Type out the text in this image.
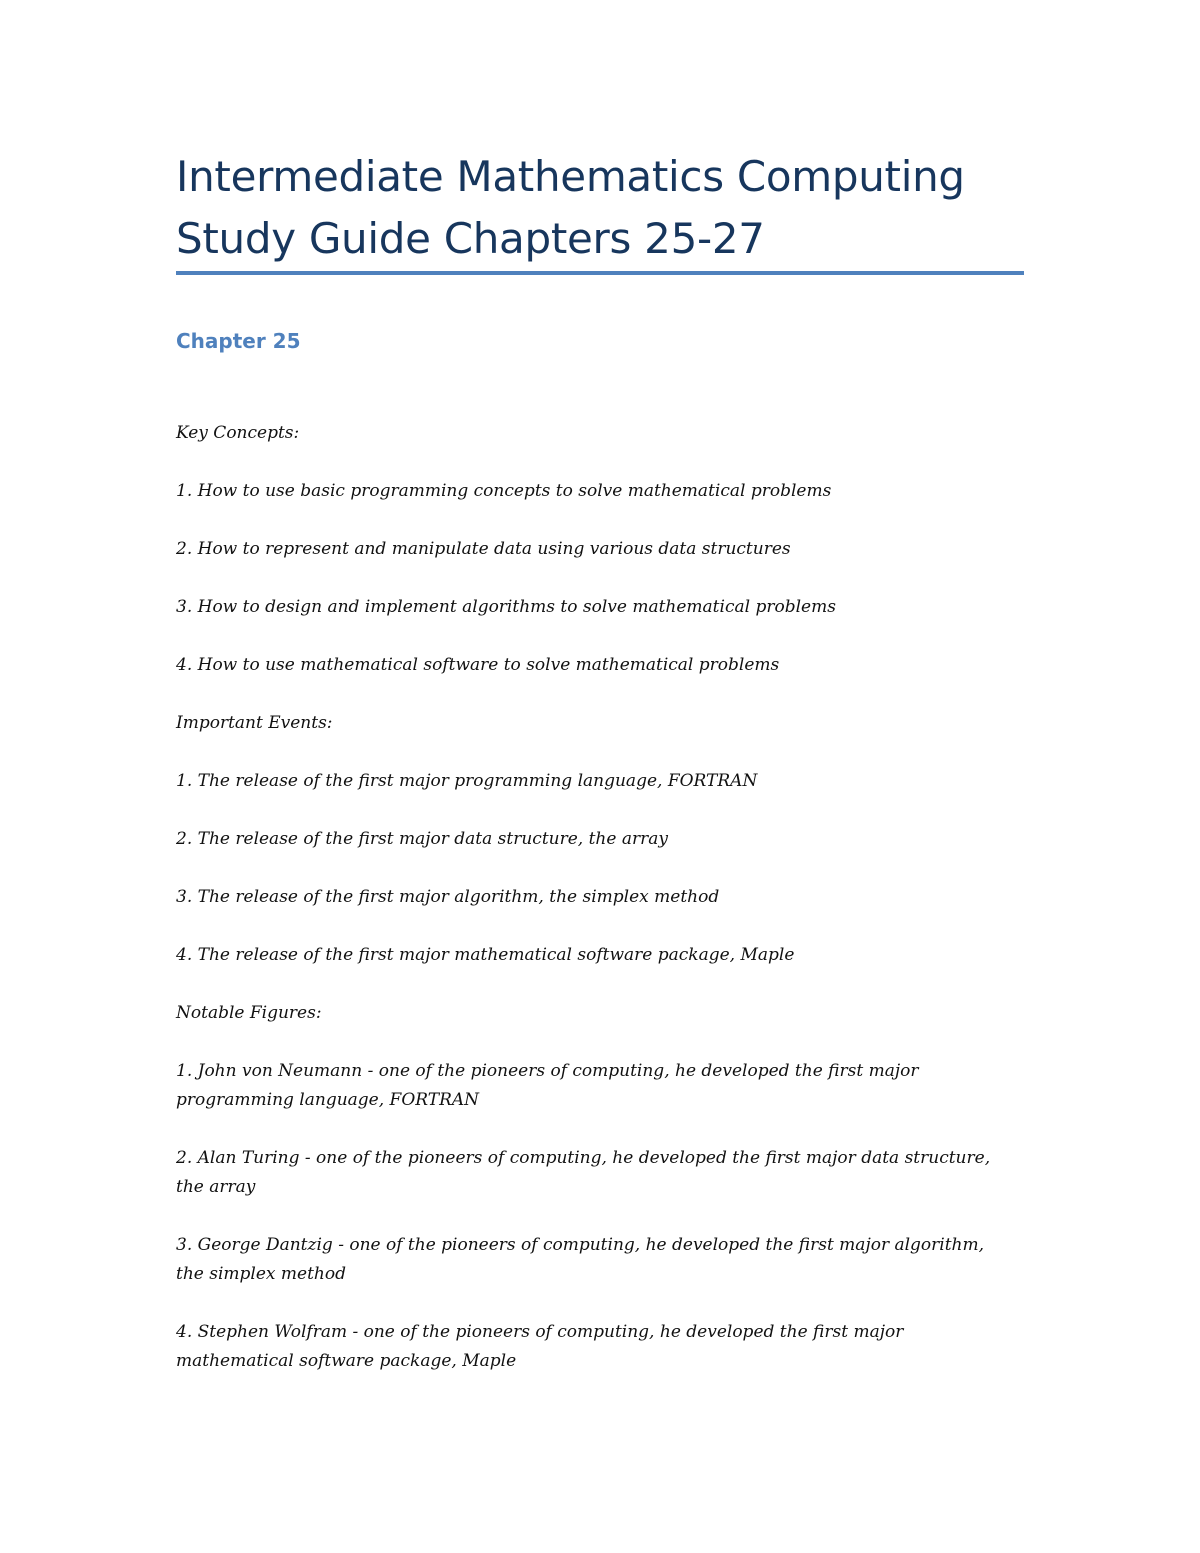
Intermediate Mathematics Computing
Study Guide Chapters 25-27
Chapter 25

Key Concepts:

1. How to use basic programming concepts to solve mathematical problems

2. How to represent and manipulate data using various data structures

3. How to design and implement algorithms to solve mathematical problems

4. How to use mathematical software to solve mathematical problems

Important Events:

1. The release of the first major programming language, FORTRAN

2. The release of the first major data structure, the array

3. The release of the first major algorithm, the simplex method

4. The release of the first major mathematical software package, Maple

Notable Figures:

1. John von Neumann - one of the pioneers of computing, he developed the first major

programming language, FORTRAN

2. Alan Turing - one of the pioneers of computing, he developed the first major data structure,

the array

3. George Dantzig - one of the pioneers of computing, he developed the first major algorithm,

the simplex method

4. Stephen Wolfram - one of the pioneers of computing, he developed the first major

mathematical software package, Maple
